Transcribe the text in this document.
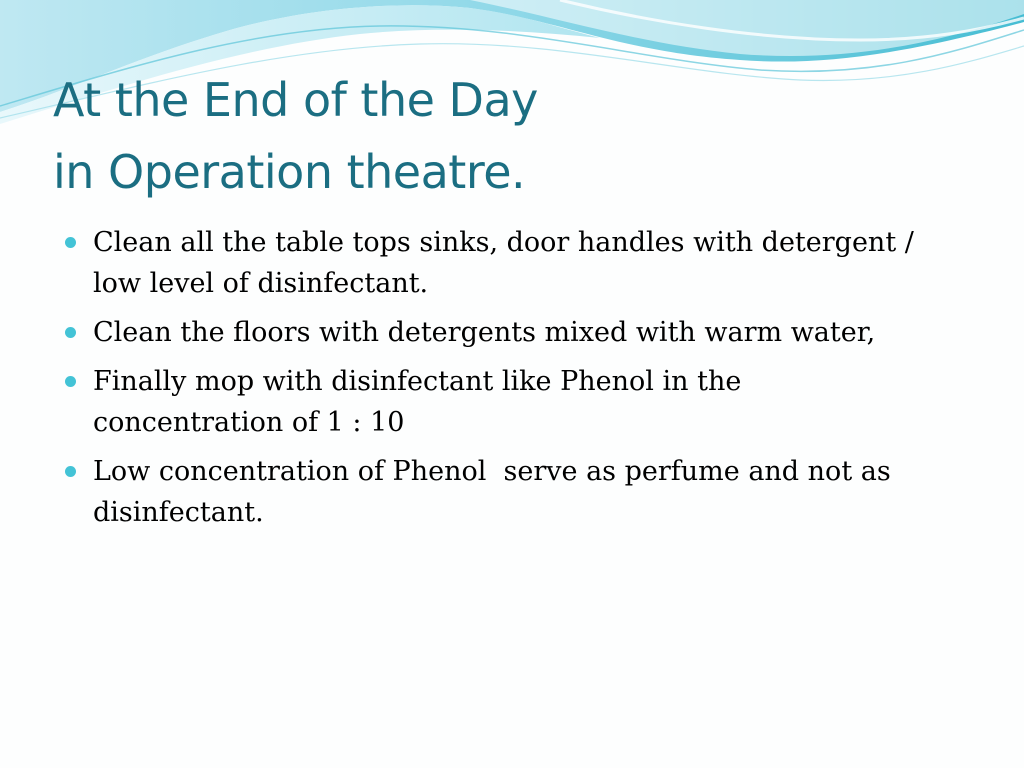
At the End of the Day
in Operation theatre.
Clean all the table tops sinks, door handles with detergent /
low level of disinfectant.
Clean the floors with detergents mixed with warm water,
Finally mop with disinfectant like Phenol in the
concentration of 1 : 10
Low concentration of Phenol  serve as perfume and not as
disinfectant.
